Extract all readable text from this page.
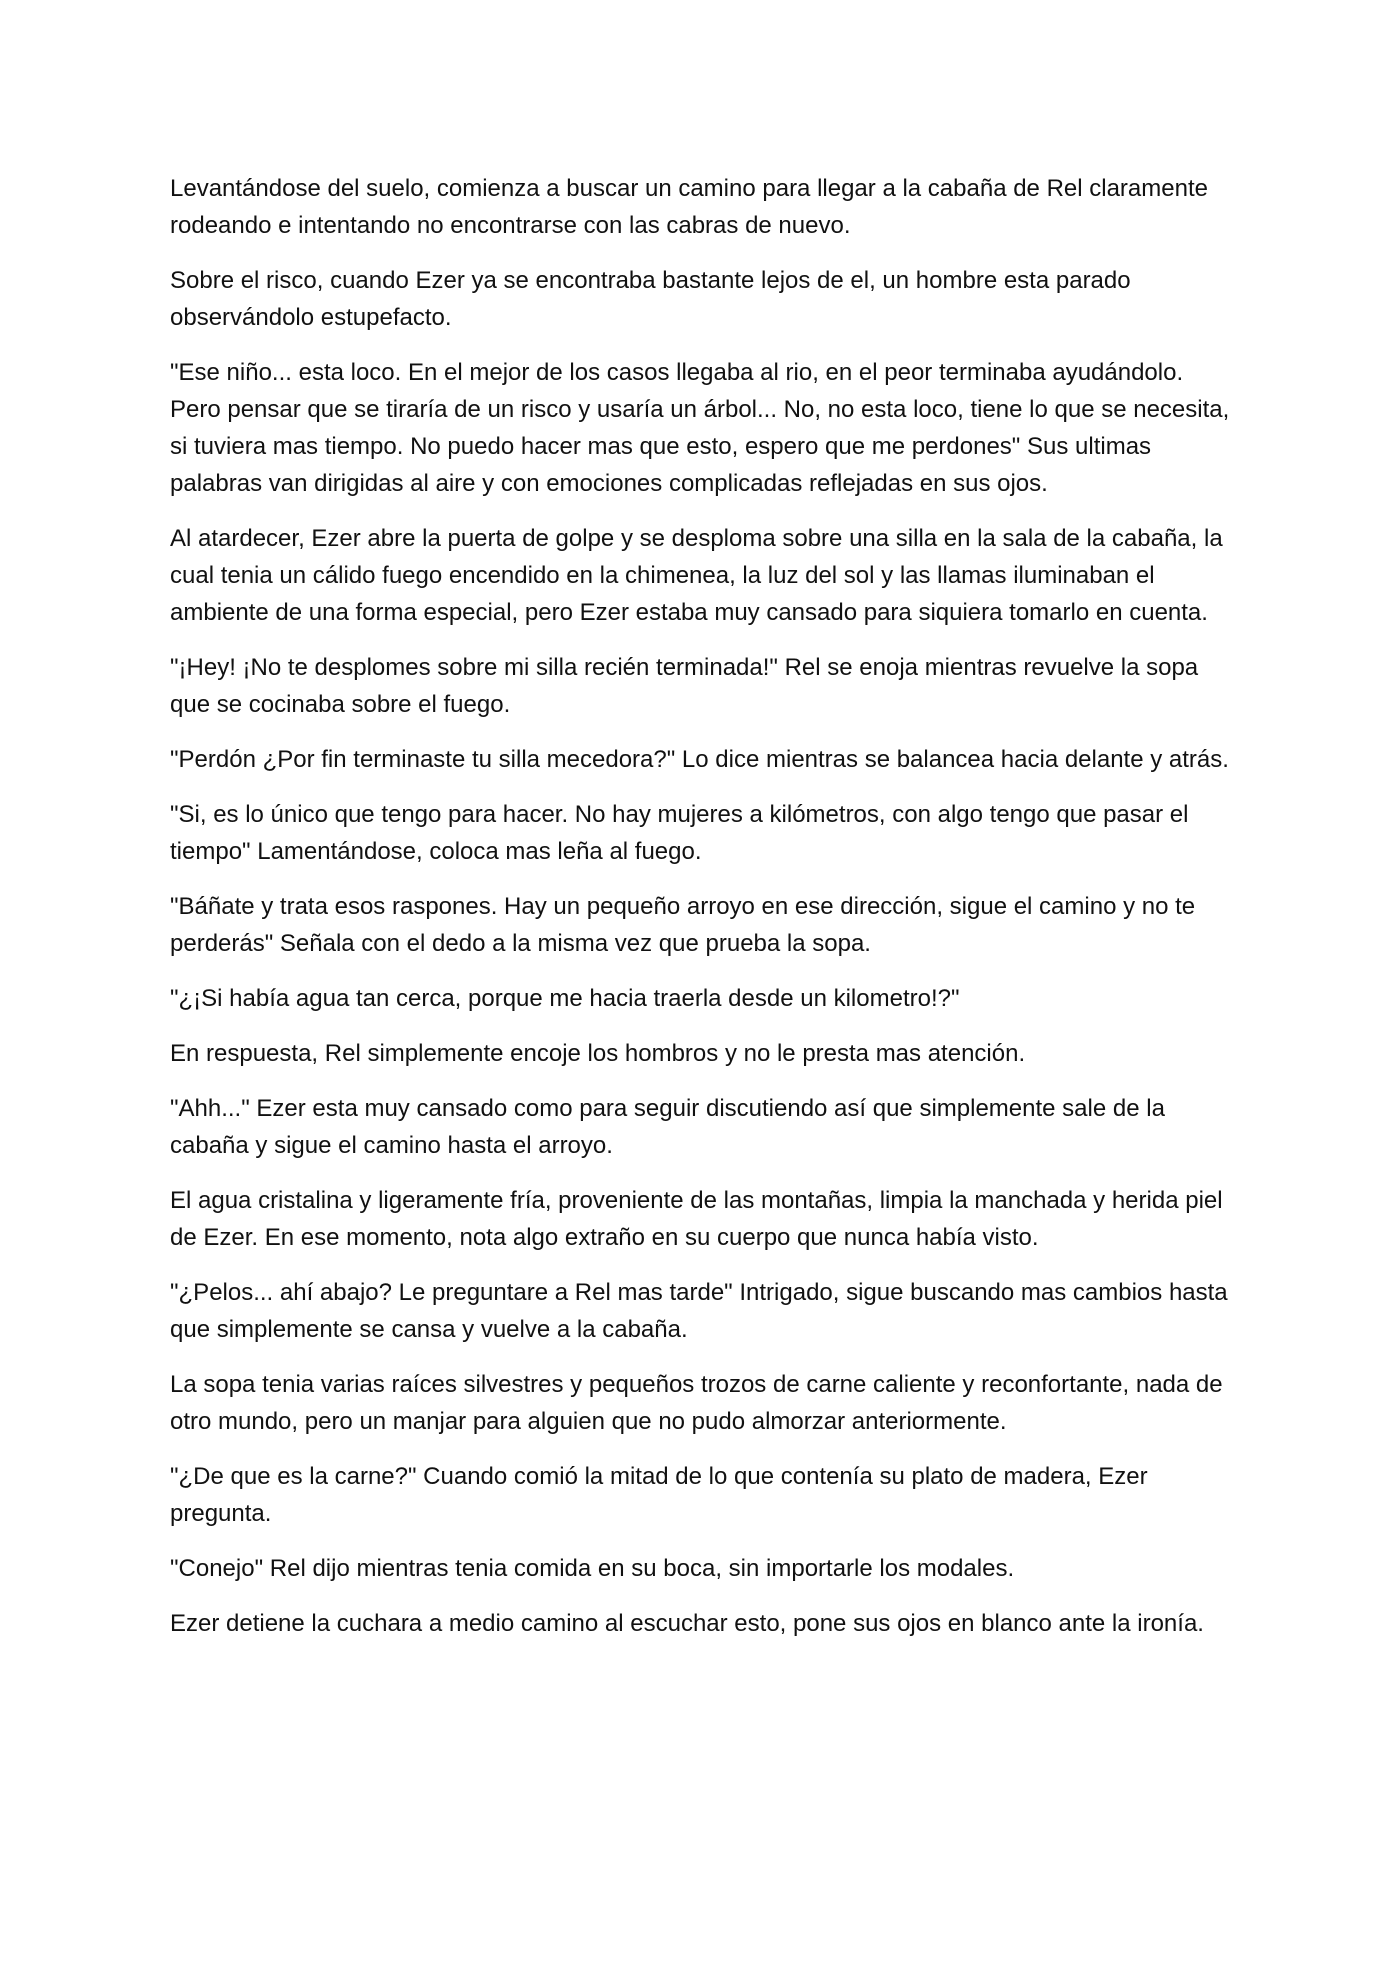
Levantándose del suelo, comienza a buscar un camino para llegar a la cabaña de Rel claramente rodeando e intentando no encontrarse con las cabras de nuevo.

Sobre el risco, cuando Ezer ya se encontraba bastante lejos de el, un hombre esta parado observándolo estupefacto.

"Ese niño... esta loco. En el mejor de los casos llegaba al rio, en el peor terminaba ayudándolo. Pero pensar que se tiraría de un risco y usaría un árbol... No, no esta loco, tiene lo que se necesita, si tuviera mas tiempo. No puedo hacer mas que esto, espero que me perdones" Sus ultimas palabras van dirigidas al aire y con emociones complicadas reflejadas en sus ojos.

Al atardecer, Ezer abre la puerta de golpe y se desploma sobre una silla en la sala de la cabaña, la cual tenia un cálido fuego encendido en la chimenea, la luz del sol y las llamas iluminaban el ambiente de una forma especial, pero Ezer estaba muy cansado para siquiera tomarlo en cuenta.

"¡Hey! ¡No te desplomes sobre mi silla recién terminada!" Rel se enoja mientras revuelve la sopa que se cocinaba sobre el fuego.

"Perdón ¿Por fin terminaste tu silla mecedora?" Lo dice mientras se balancea hacia delante y atrás.

"Si, es lo único que tengo para hacer. No hay mujeres a kilómetros, con algo tengo que pasar el tiempo" Lamentándose, coloca mas leña al fuego.

"Báñate y trata esos raspones. Hay un pequeño arroyo en ese dirección, sigue el camino y no te perderás" Señala con el dedo a la misma vez que prueba la sopa.

"¿¡Si había agua tan cerca, porque me hacia traerla desde un kilometro!?"

En respuesta, Rel simplemente encoje los hombros y no le presta mas atención.

"Ahh..." Ezer esta muy cansado como para seguir discutiendo así que simplemente sale de la cabaña y sigue el camino hasta el arroyo.

El agua cristalina y ligeramente fría, proveniente de las montañas, limpia la manchada y herida piel de Ezer. En ese momento, nota algo extraño en su cuerpo que nunca había visto.

"¿Pelos... ahí abajo? Le preguntare a Rel mas tarde" Intrigado, sigue buscando mas cambios hasta que simplemente se cansa y vuelve a la cabaña.

La sopa tenia varias raíces silvestres y pequeños trozos de carne caliente y reconfortante, nada de otro mundo, pero un manjar para alguien que no pudo almorzar anteriormente.

"¿De que es la carne?" Cuando comió la mitad de lo que contenía su plato de madera, Ezer pregunta.

"Conejo" Rel dijo mientras tenia comida en su boca, sin importarle los modales.

Ezer detiene la cuchara a medio camino al escuchar esto, pone sus ojos en blanco ante la ironía.
